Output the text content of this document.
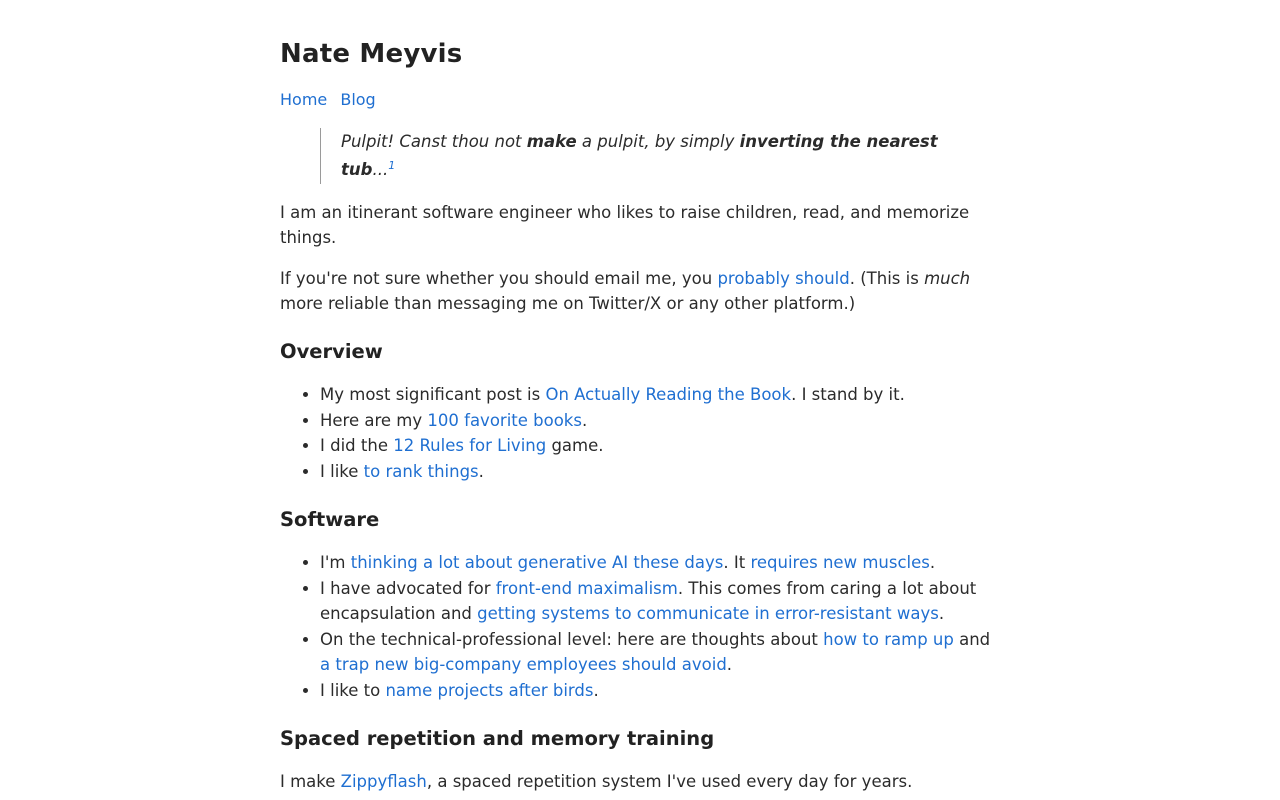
Nate Meyvis
Home Blog
Pulpit! Canst thou not make a pulpit, by simply inverting the nearest tub...$^1$

I am an itinerant software engineer who likes to raise children, read, and memorize things.

If you're not sure whether you should email me, you probably should. (This is much more reliable than messaging me on Twitter/X or any other platform.)

Overview
• My most significant post is On Actually Reading the Book. I stand by it.
• Here are my 100 favorite books.
• I did the 12 Rules for Living game.
• I like to rank things.
Software
• I'm thinking a lot about generative AI these days. It requires new muscles.
• I have advocated for front-end maximalism. This comes from caring a lot about encapsulation and getting systems to communicate in error-resistant ways.
• On the technical-professional level: here are thoughts about how to ramp up and a trap new big-company employees should avoid.
• I like to name projects after birds.
Spaced repetition and memory training

I make Zippyflash, a spaced repetition system I've used every day for years.
